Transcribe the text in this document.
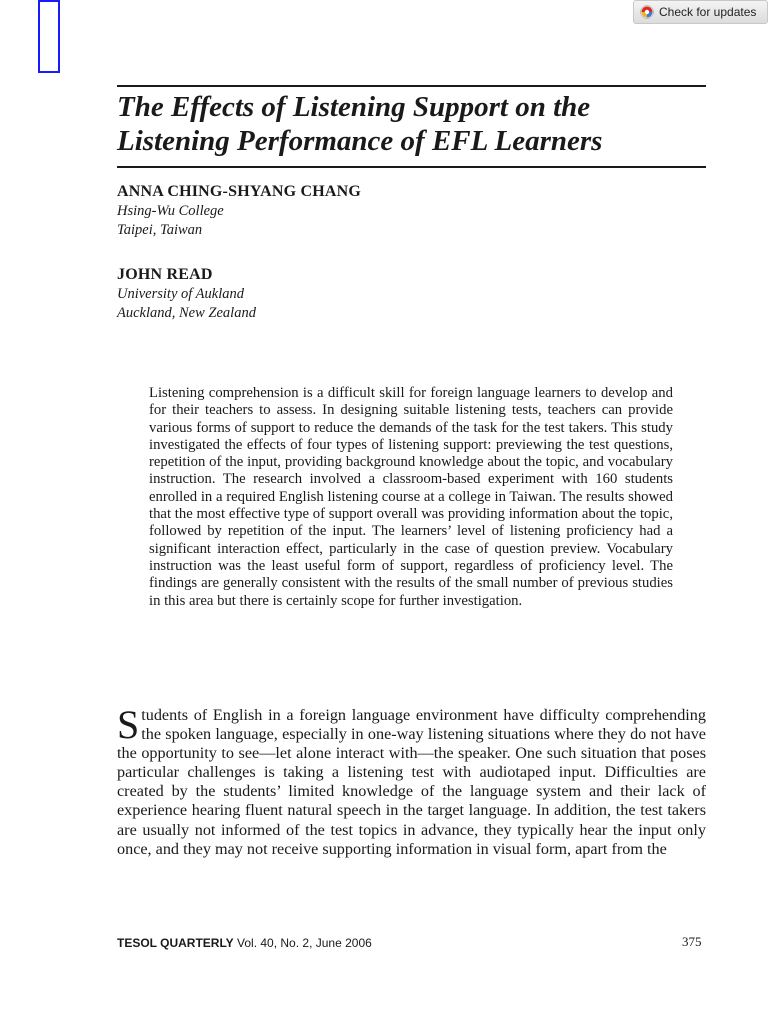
Check for updates
The Effects of Listening Support on the
Listening Performance of EFL Learners
ANNA CHING-SHYANG CHANG
Hsing-Wu College
Taipei, Taiwan
JOHN READ
University of Aukland
Auckland, New Zealand

Listening comprehension is a difficult skill for foreign language learners to develop and for their teachers to assess. In designing suitable listening tests, teachers can provide various forms of support to reduce the demands of the task for the test takers. This study investigated the effects of four types of listening support: previewing the test questions, repetition of the input, providing background knowledge about the topic, and vocabulary instruction. The research involved a classroom-based experiment with 160 students enrolled in a required English listening course at a college in Taiwan. The results showed that the most effective type of support overall was providing information about the topic, followed by repetition of the input. The learners’ level of listening proficiency had a significant interaction effect, particularly in the case of question preview. Vocabulary instruction was the least useful form of support, regardless of proficiency level. The findings are generally consistent with the results of the small number of previous studies in this area but there is certainly scope for further investigation.

S tudents of English in a foreign language environment have difficulty comprehending the spoken language, especially in one-way listening situations where they do not have the opportunity to see—let alone interact with—the speaker. One such situation that poses particular challenges is taking a listening test with audiotaped input. Difficulties are created by the students’ limited knowledge of the language system and their lack of experience hearing fluent natural speech in the target language. In addition, the test takers are usually not informed of the test topics in advance, they typically hear the input only once, and they may not receive supporting information in visual form, apart from the

TESOL QUARTERLY Vol. 40, No. 2, June 2006	375
